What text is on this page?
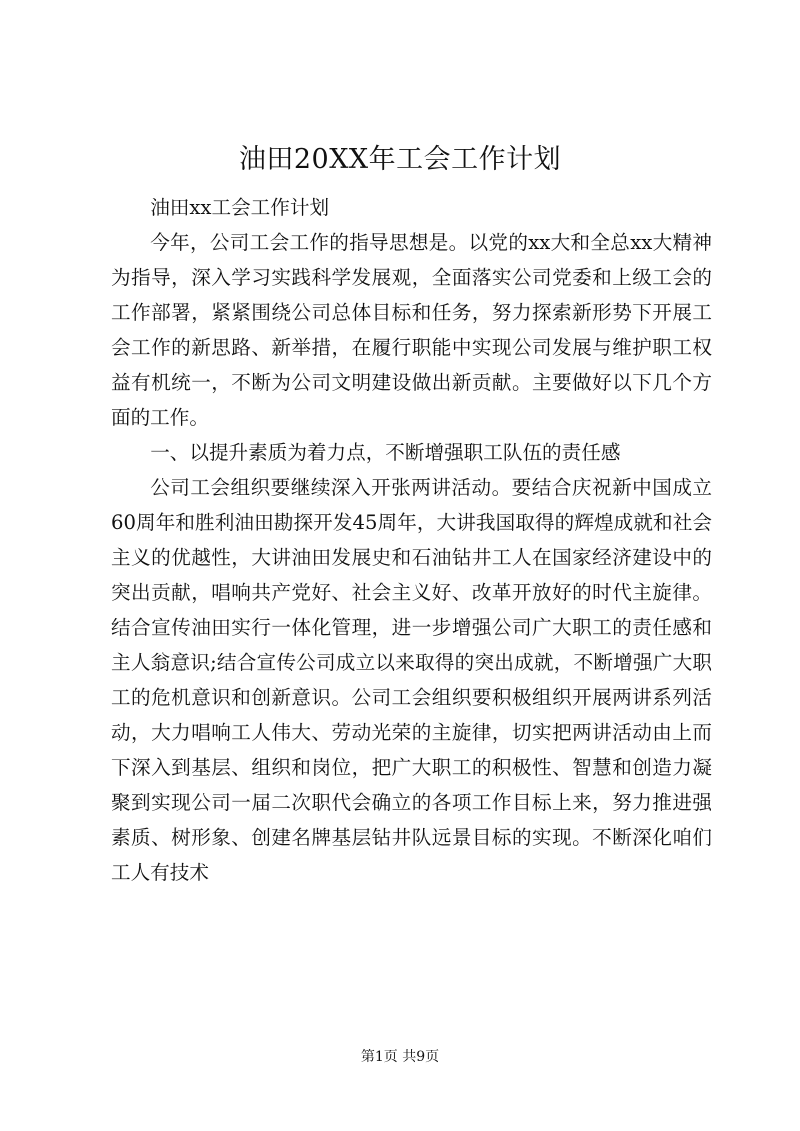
油田20XX年工会工作计划

油田xx工会工作计划

今年，公司工会工作的指导思想是。以党的xx大和全总xx大精神为指导，深入学习实践科学发展观，全面落实公司党委和上级工会的工作部署，紧紧围绕公司总体目标和任务，努力探索新形势下开展工会工作的新思路、新举措，在履行职能中实现公司发展与维护职工权益有机统一，不断为公司文明建设做出新贡献。主要做好以下几个方面的工作。

一、以提升素质为着力点，不断增强职工队伍的责任感

公司工会组织要继续深入开张两讲活动。要结合庆祝新中国成立60周年和胜利油田勘探开发45周年，大讲我国取得的辉煌成就和社会主义的优越性，大讲油田发展史和石油钻井工人在国家经济建设中的突出贡献，唱响共产党好、社会主义好、改革开放好的时代主旋律。结合宣传油田实行一体化管理，进一步增强公司广大职工的责任感和主人翁意识;结合宣传公司成立以来取得的突出成就，不断增强广大职工的危机意识和创新意识。公司工会组织要积极组织开展两讲系列活动，大力唱响工人伟大、劳动光荣的主旋律，切实把两讲活动由上而下深入到基层、组织和岗位，把广大职工的积极性、智慧和创造力凝聚到实现公司一届二次职代会确立的各项工作目标上来，努力推进强素质、树形象、创建名牌基层钻井队远景目标的实现。不断深化咱们工人有技术

第1页 共9页
